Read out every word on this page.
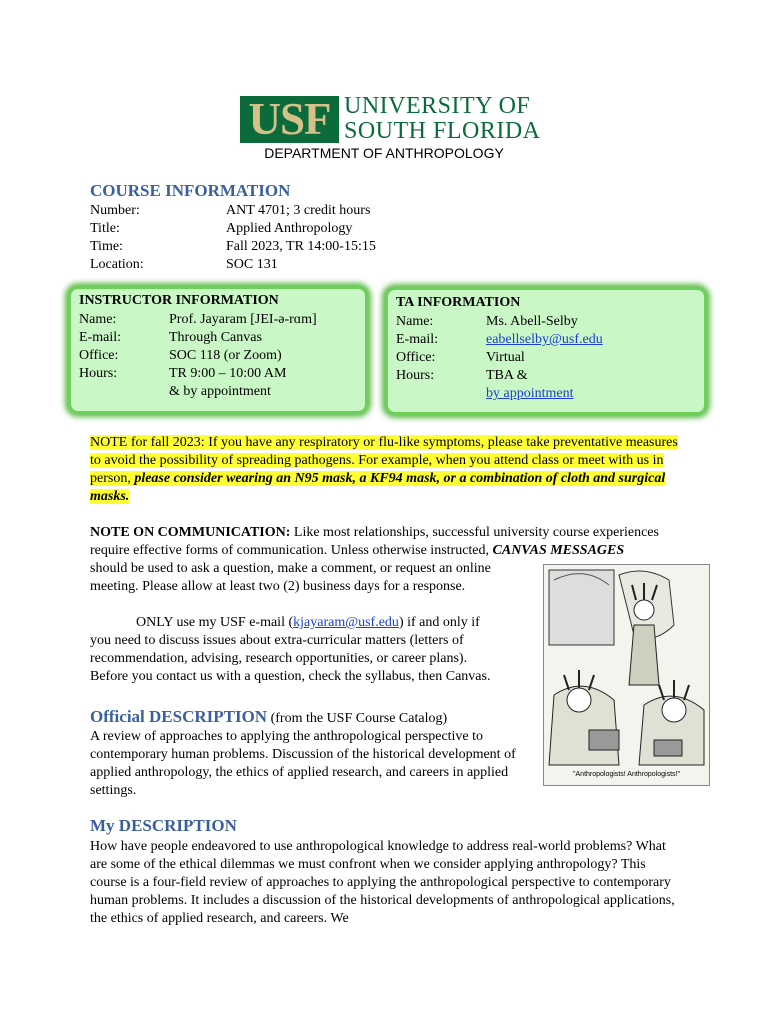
USF UNIVERSITY OF
SOUTH FLORIDA
DEPARTMENT OF ANTHROPOLOGY
COURSE INFORMATION
Number:	ANT 4701; 3 credit hours
Title:	Applied Anthropology
Time:	Fall 2023, TR 14:00-15:15
Location:	SOC 131
INSTRUCTOR INFORMATION
Name:	Prof. Jayaram [JEI-ə-rɑm]
E-mail:	Through Canvas
Office:	SOC 118 (or Zoom)
Hours:	TR 9:00 – 10:00 AM
& by appointment
TA INFORMATION
Name:	Ms. Abell-Selby
E-mail:	eabellselby@usf.edu
Office:	Virtual
Hours:	TBA &
by appointment
NOTE for fall 2023: If you have any respiratory or flu-like symptoms, please take preventative measures to avoid the possibility of spreading pathogens. For example, when you attend class or meet with us in person, please consider wearing an N95 mask, a KF94 mask, or a combination of cloth and surgical masks.
NOTE ON COMMUNICATION: Like most relationships, successful university course experiences require effective forms of communication. Unless otherwise instructed, CANVAS MESSAGES
should be used to ask a question, make a comment, or request an online meeting. Please allow at least two (2) business days for a response.
ONLY use my USF e-mail (kjayaram@usf.edu) if and only if you need to discuss issues about extra-curricular matters (letters of recommendation, advising, research opportunities, or career plans). Before you contact us with a question, check the syllabus, then Canvas.
"Anthropologists! Anthropologists!"
Official DESCRIPTION (from the USF Course Catalog)
A review of approaches to applying the anthropological perspective to contemporary human problems. Discussion of the historical development of applied anthropology, the ethics of applied research, and careers in applied settings.
My DESCRIPTION
How have people endeavored to use anthropological knowledge to address real-world problems? What are some of the ethical dilemmas we must confront when we consider applying anthropology? This course is a four-field review of approaches to applying the anthropological perspective to contemporary human problems. It includes a discussion of the historical developments of anthropological applications, the ethics of applied research, and careers. We
